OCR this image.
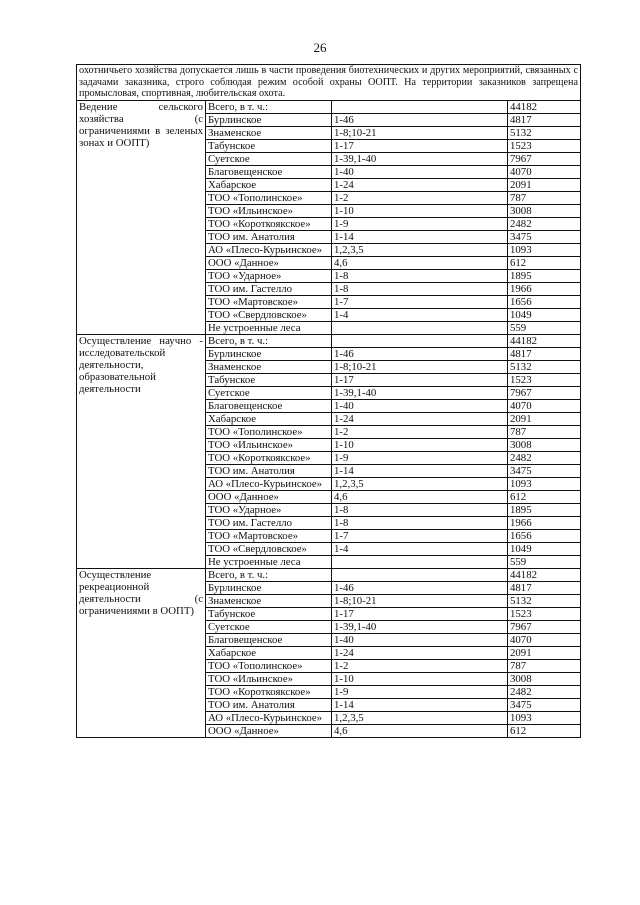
26
охотничьего хозяйства допускается лишь в части проведения биотехнических и других мероприятий, связанных с задачами заказника, строго соблюдая режим особой охраны ООПТ. На территории заказников запрещена промысловая, спортивная, любительская охота.			
Ведение сельского хозяйства (с ограничениями в зеленых зонах и ООПТ)	Всего, в т. ч.:		44182
	Бурлинское	1-46	4817
	Знаменское	1-8;10-21	5132
	Табунское	1-17	1523
	Суетское	1-39,1-40	7967
	Благовещенское	1-40	4070
	Хабарское	1-24	2091
	ТОО «Тополинское»	1-2	787
	ТОО «Ильинское»	1-10	3008
	ТОО «Короткоякское»	1-9	2482
	ТОО им. Анатолия	1-14	3475
	АО «Плесо-Курьинское»	1,2,3,5	1093
	ООО «Данное»	4,6	612
	ТОО «Ударное»	1-8	1895
	ТОО им. Гастелло	1-8	1966
	ТОО «Мартовское»	1-7	1656
	ТОО «Свердловское»	1-4	1049
	Не устроенные леса		559
Осуществление научно - исследовательской деятельности, образовательной деятельности	Всего, в т. ч.:		44182
	Бурлинское	1-46	4817
	Знаменское	1-8;10-21	5132
	Табунское	1-17	1523
	Суетское	1-39,1-40	7967
	Благовещенское	1-40	4070
	Хабарское	1-24	2091
	ТОО «Тополинское»	1-2	787
	ТОО «Ильинское»	1-10	3008
	ТОО «Короткоякское»	1-9	2482
	ТОО им. Анатолия	1-14	3475
	АО «Плесо-Курьинское»	1,2,3,5	1093
	ООО «Данное»	4,6	612
	ТОО «Ударное»	1-8	1895
	ТОО им. Гастелло	1-8	1966
	ТОО «Мартовское»	1-7	1656
	ТОО «Свердловское»	1-4	1049
	Не устроенные леса		559
Осуществление рекреационной деятельности (с ограничениями в ООПТ)	Всего, в т. ч.:		44182
	Бурлинское	1-46	4817
	Знаменское	1-8;10-21	5132
	Табунское	1-17	1523
	Суетское	1-39,1-40	7967
	Благовещенское	1-40	4070
	Хабарское	1-24	2091
	ТОО «Тополинское»	1-2	787
	ТОО «Ильинское»	1-10	3008
	ТОО «Короткоякское»	1-9	2482
	ТОО им. Анатолия	1-14	3475
	АО «Плесо-Курьинское»	1,2,3,5	1093
	ООО «Данное»	4,6	612
